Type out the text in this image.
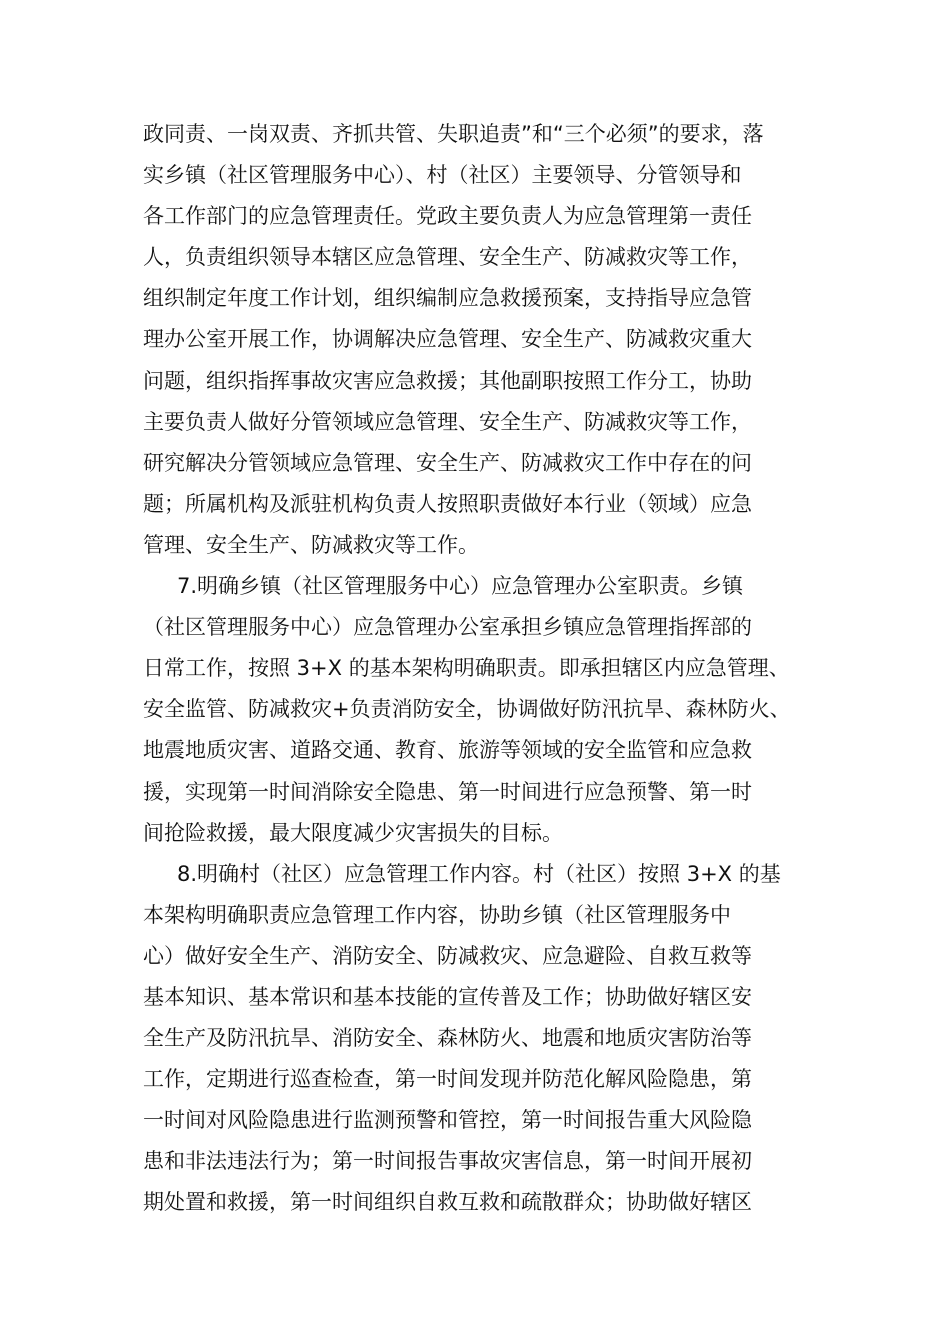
政同责、一岗双责、齐抓共管、失职追责”和“三个必须”的要求，落
实乡镇（社区管理服务中心）、村（社区）主要领导、分管领导和
各工作部门的应急管理责任。党政主要负责人为应急管理第一责任
人，负责组织领导本辖区应急管理、安全生产、防减救灾等工作，
组织制定年度工作计划，组织编制应急救援预案，支持指导应急管
理办公室开展工作，协调解决应急管理、安全生产、防减救灾重大
问题，组织指挥事故灾害应急救援；其他副职按照工作分工，协助
主要负责人做好分管领域应急管理、安全生产、防减救灾等工作，
研究解决分管领域应急管理、安全生产、防减救灾工作中存在的问
题；所属机构及派驻机构负责人按照职责做好本行业（领域）应急
管理、安全生产、防减救灾等工作。
7.明确乡镇（社区管理服务中心）应急管理办公室职责。乡镇
（社区管理服务中心）应急管理办公室承担乡镇应急管理指挥部的
日常工作，按照 3+X 的基本架构明确职责。即承担辖区内应急管理、
安全监管、防减救灾+负责消防安全，协调做好防汛抗旱、森林防火、
地震地质灾害、道路交通、教育、旅游等领域的安全监管和应急救
援，实现第一时间消除安全隐患、第一时间进行应急预警、第一时
间抢险救援，最大限度减少灾害损失的目标。
8.明确村（社区）应急管理工作内容。村（社区）按照 3+X 的基
本架构明确职责应急管理工作内容，协助乡镇（社区管理服务中
心）做好安全生产、消防安全、防减救灾、应急避险、自救互救等
基本知识、基本常识和基本技能的宣传普及工作；协助做好辖区安
全生产及防汛抗旱、消防安全、森林防火、地震和地质灾害防治等
工作，定期进行巡查检查，第一时间发现并防范化解风险隐患，第
一时间对风险隐患进行监测预警和管控，第一时间报告重大风险隐
患和非法违法行为；第一时间报告事故灾害信息，第一时间开展初
期处置和救援，第一时间组织自救互救和疏散群众；协助做好辖区
